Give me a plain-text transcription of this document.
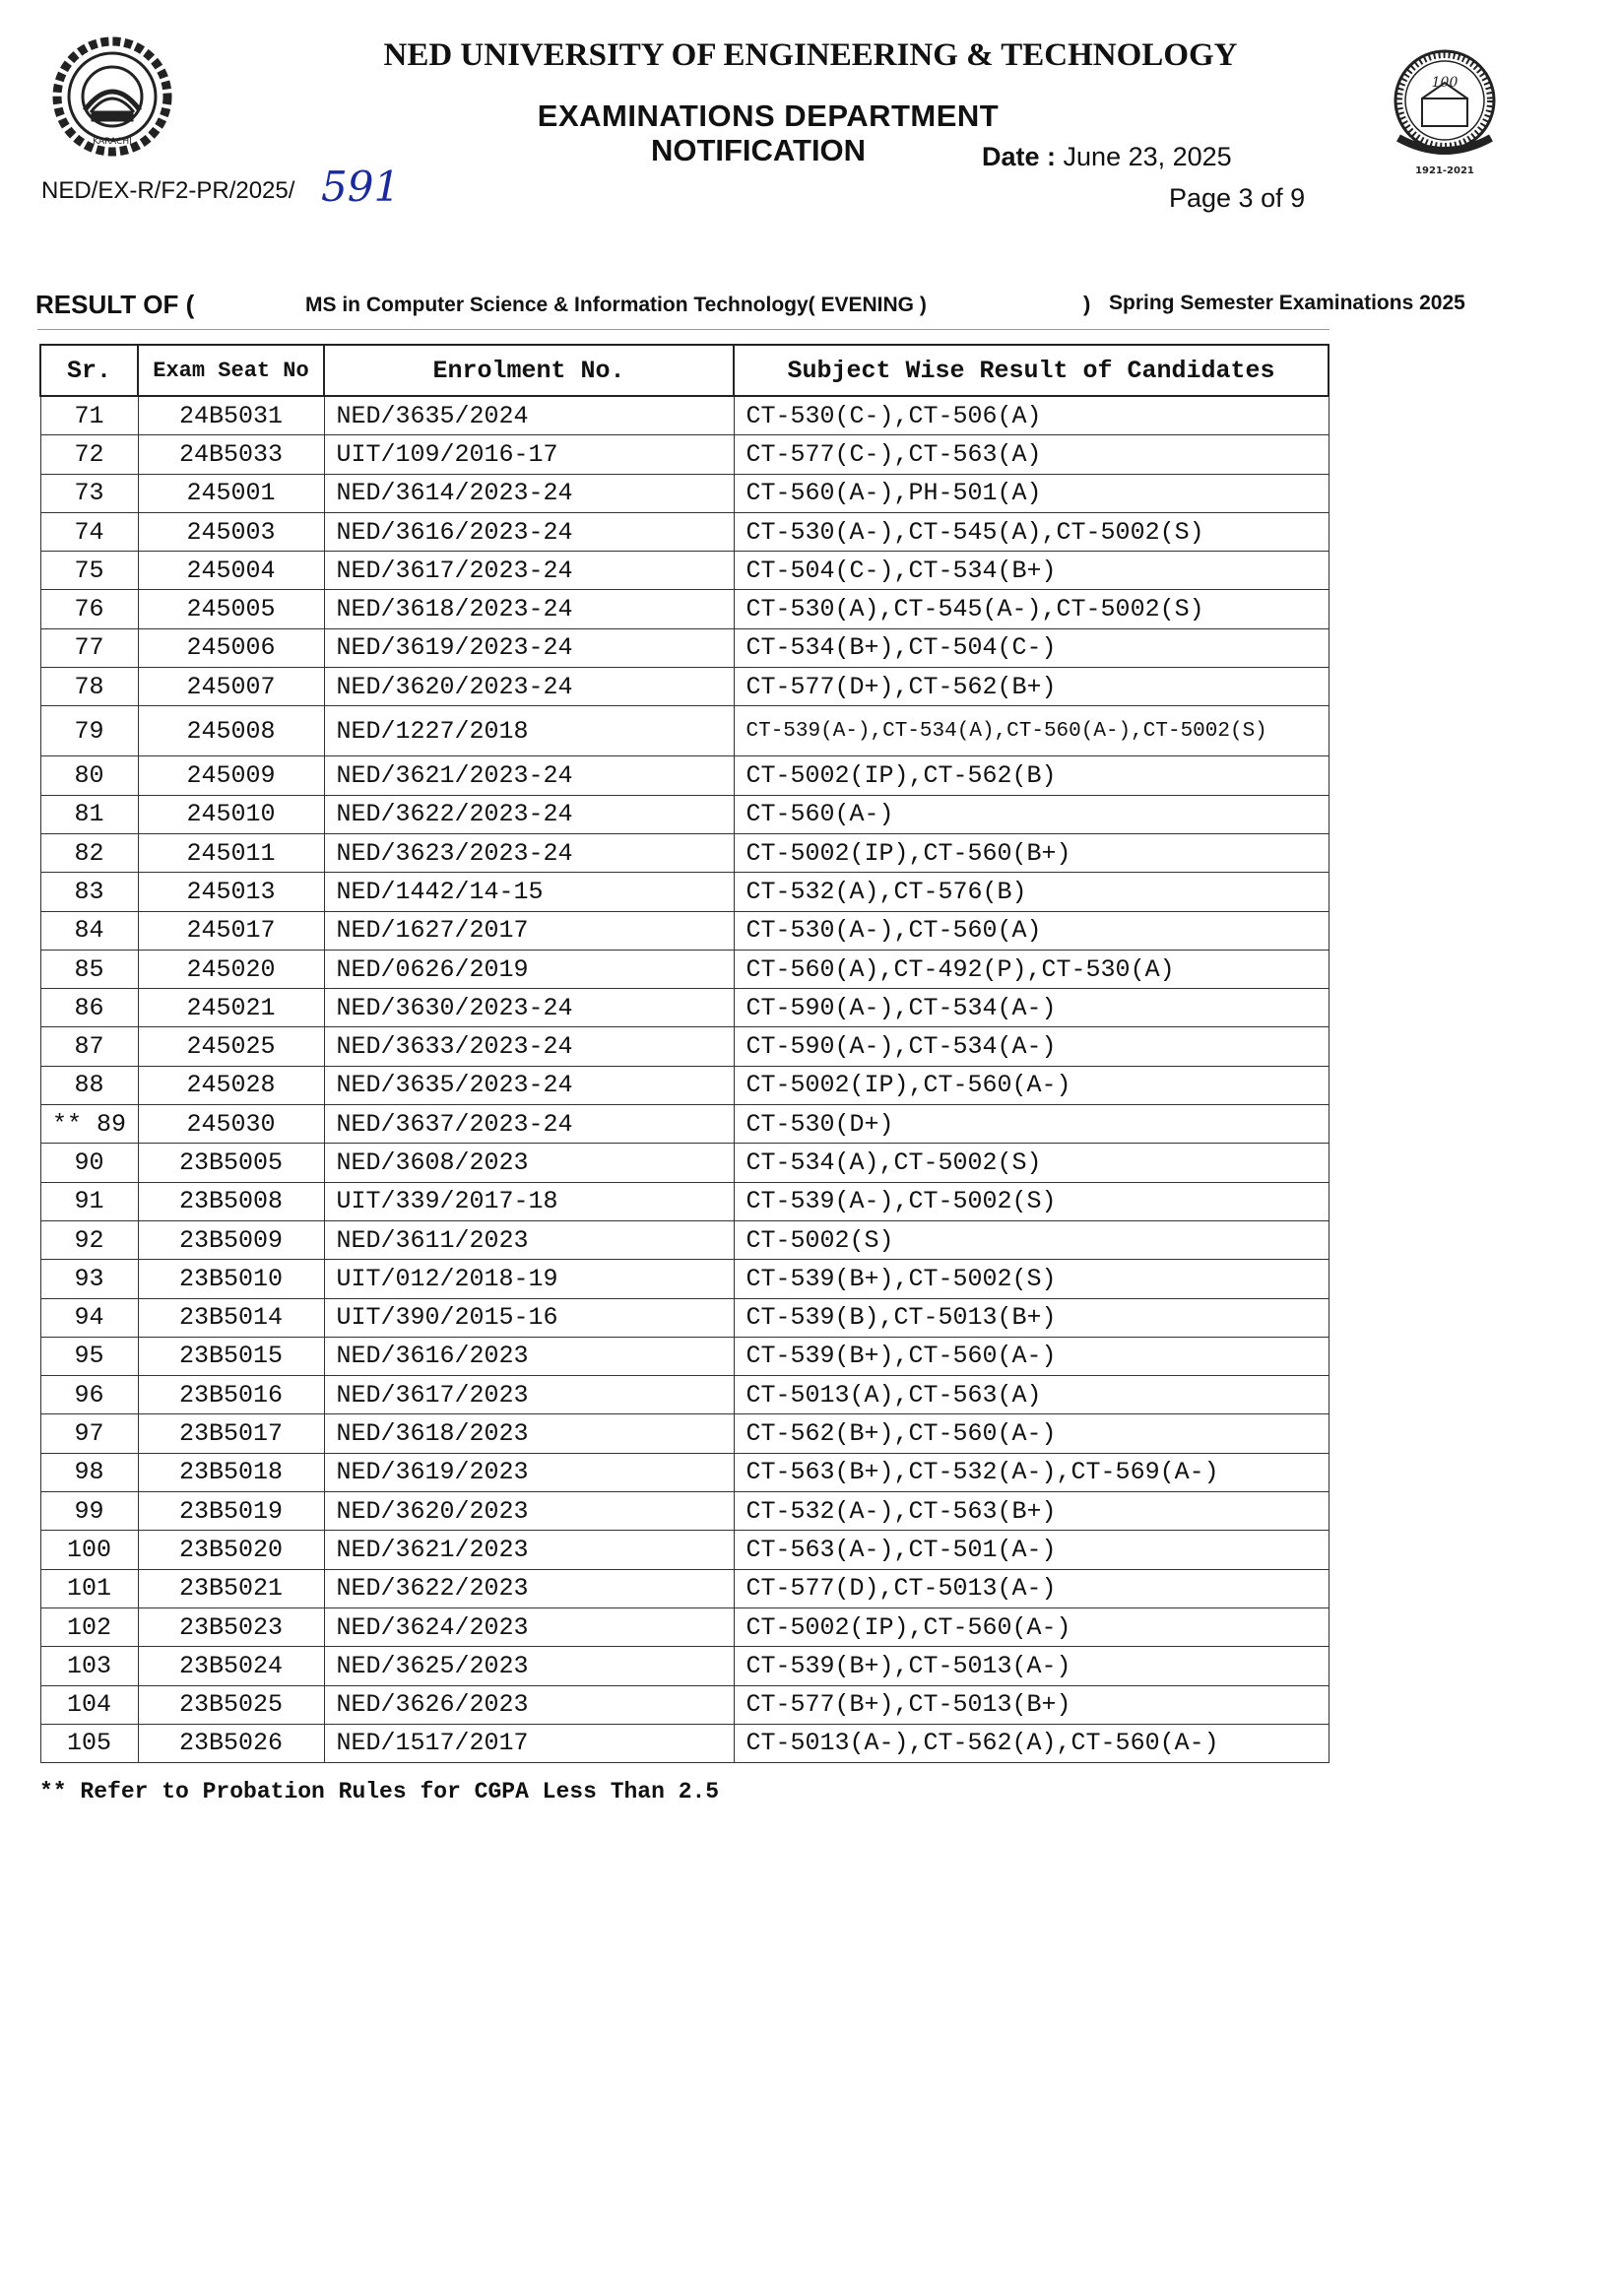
KARACHI
100
1921-2021
NED UNIVERSITY OF ENGINEERING & TECHNOLOGY
EXAMINATIONS DEPARTMENT
NOTIFICATION	Date : June 23, 2025
Page 3 of 9
NED/EX-R/F2-PR/2025/ 591
RESULT OF (	MS in Computer Science & Information Technology( EVENING )	) Spring Semester Examinations 2025
Sr.	Exam Seat No	Enrolment No.	Subject Wise Result of Candidates
71	24B5031	NED/3635/2024	CT-530(C-),CT-506(A)
72	24B5033	UIT/109/2016-17	CT-577(C-),CT-563(A)
73	245001	NED/3614/2023-24	CT-560(A-),PH-501(A)
74	245003	NED/3616/2023-24	CT-530(A-),CT-545(A),CT-5002(S)
75	245004	NED/3617/2023-24	CT-504(C-),CT-534(B+)
76	245005	NED/3618/2023-24	CT-530(A),CT-545(A-),CT-5002(S)
77	245006	NED/3619/2023-24	CT-534(B+),CT-504(C-)
78	245007	NED/3620/2023-24	CT-577(D+),CT-562(B+)
79	245008	NED/1227/2018	CT-539(A-),CT-534(A),CT-560(A-),CT-5002(S)
80	245009	NED/3621/2023-24	CT-5002(IP),CT-562(B)
81	245010	NED/3622/2023-24	CT-560(A-)
82	245011	NED/3623/2023-24	CT-5002(IP),CT-560(B+)
83	245013	NED/1442/14-15	CT-532(A),CT-576(B)
84	245017	NED/1627/2017	CT-530(A-),CT-560(A)
85	245020	NED/0626/2019	CT-560(A),CT-492(P),CT-530(A)
86	245021	NED/3630/2023-24	CT-590(A-),CT-534(A-)
87	245025	NED/3633/2023-24	CT-590(A-),CT-534(A-)
88	245028	NED/3635/2023-24	CT-5002(IP),CT-560(A-)
** 89	245030	NED/3637/2023-24	CT-530(D+)
90	23B5005	NED/3608/2023	CT-534(A),CT-5002(S)
91	23B5008	UIT/339/2017-18	CT-539(A-),CT-5002(S)
92	23B5009	NED/3611/2023	CT-5002(S)
93	23B5010	UIT/012/2018-19	CT-539(B+),CT-5002(S)
94	23B5014	UIT/390/2015-16	CT-539(B),CT-5013(B+)
95	23B5015	NED/3616/2023	CT-539(B+),CT-560(A-)
96	23B5016	NED/3617/2023	CT-5013(A),CT-563(A)
97	23B5017	NED/3618/2023	CT-562(B+),CT-560(A-)
98	23B5018	NED/3619/2023	CT-563(B+),CT-532(A-),CT-569(A-)
99	23B5019	NED/3620/2023	CT-532(A-),CT-563(B+)
100	23B5020	NED/3621/2023	CT-563(A-),CT-501(A-)
101	23B5021	NED/3622/2023	CT-577(D),CT-5013(A-)
102	23B5023	NED/3624/2023	CT-5002(IP),CT-560(A-)
103	23B5024	NED/3625/2023	CT-539(B+),CT-5013(A-)
104	23B5025	NED/3626/2023	CT-577(B+),CT-5013(B+)
105	23B5026	NED/1517/2017	CT-5013(A-),CT-562(A),CT-560(A-)
** Refer to Probation Rules for CGPA Less Than 2.5
